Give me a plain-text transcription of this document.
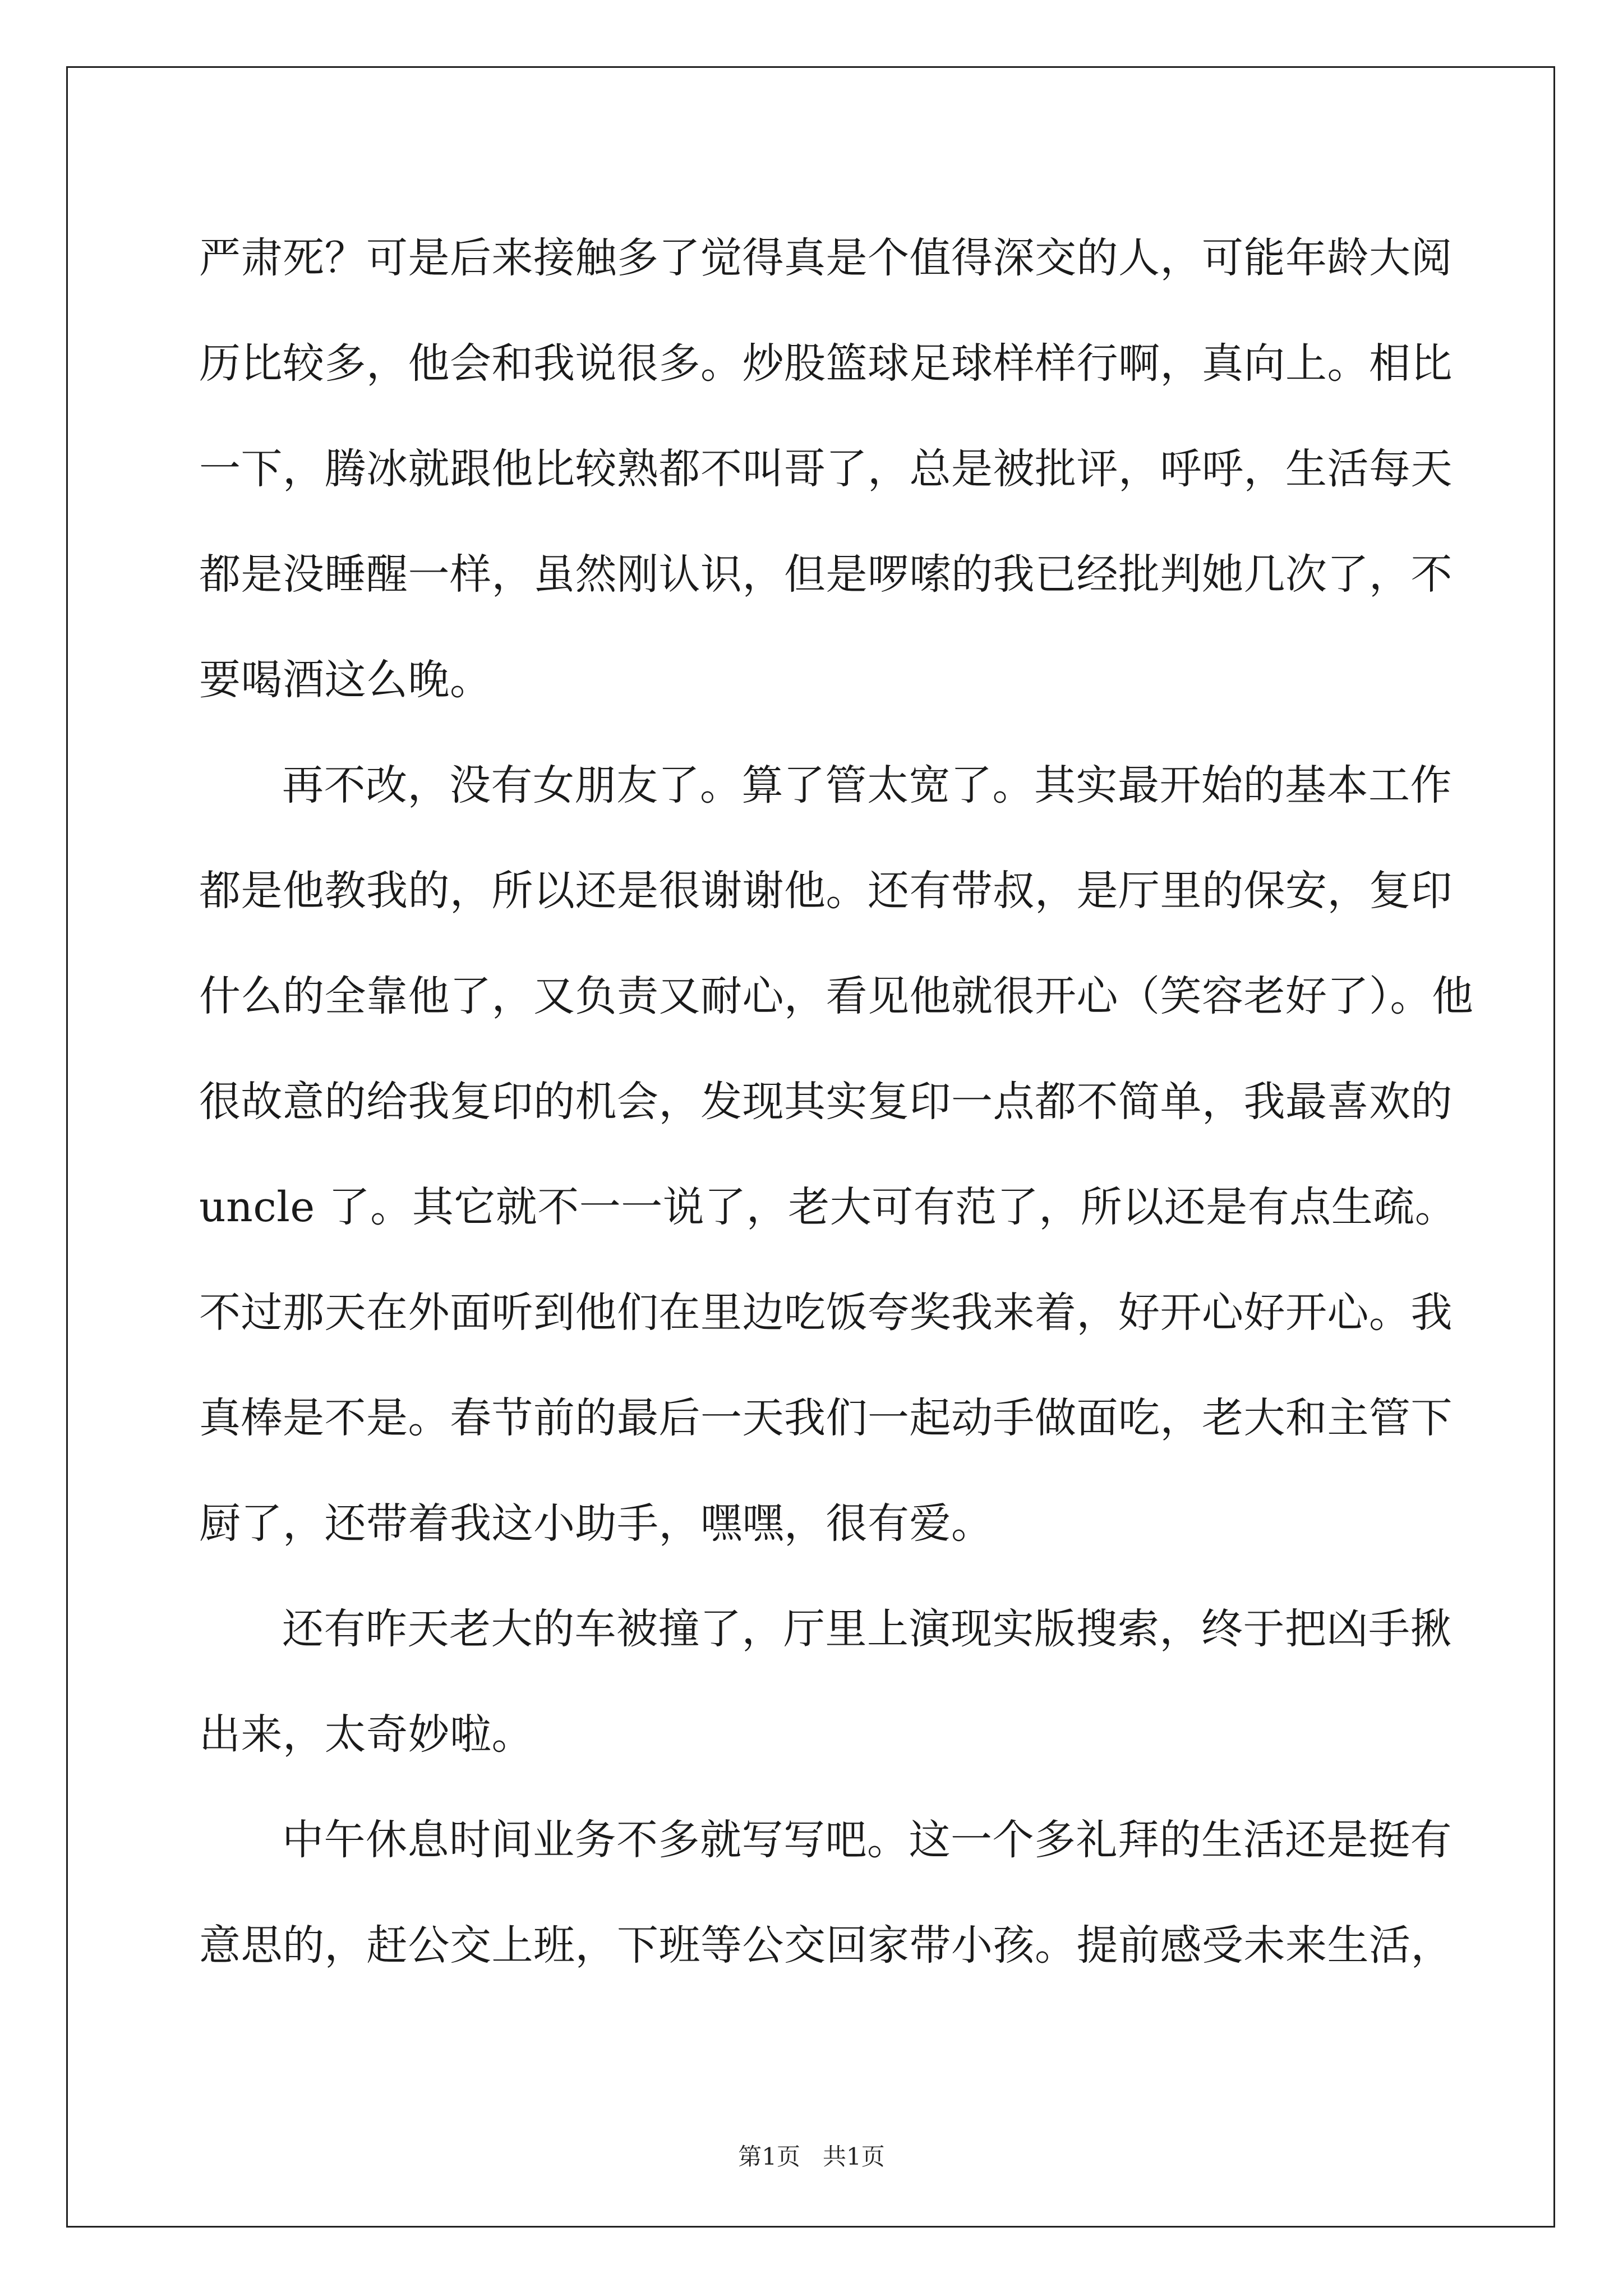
严肃死？可是后来接触多了觉得真是个值得深交的人，可能年龄大阅
历比较多，他会和我说很多。炒股篮球足球样样行啊，真向上。相比
一下，腾冰就跟他比较熟都不叫哥了，总是被批评，呼呼，生活每天
都是没睡醒一样，虽然刚认识，但是啰嗦的我已经批判她几次了，不
要喝酒这么晚。
再不改，没有女朋友了。算了管太宽了。其实最开始的基本工作
都是他教我的，所以还是很谢谢他。还有带叔，是厅里的保安，复印
什么的全靠他了，又负责又耐心，看见他就很开心（笑容老好了）。他
很故意的给我复印的机会，发现其实复印一点都不简单，我最喜欢的
uncle 了。其它就不一一说了，老大可有范了，所以还是有点生疏。
不过那天在外面听到他们在里边吃饭夸奖我来着，好开心好开心。我
真棒是不是。春节前的最后一天我们一起动手做面吃，老大和主管下
厨了，还带着我这小助手，嘿嘿，很有爱。
还有昨天老大的车被撞了，厅里上演现实版搜索，终于把凶手揪
出来，太奇妙啦。
中午休息时间业务不多就写写吧。这一个多礼拜的生活还是挺有
意思的，赶公交上班，下班等公交回家带小孩。提前感受未来生活，
第1页   共1页
